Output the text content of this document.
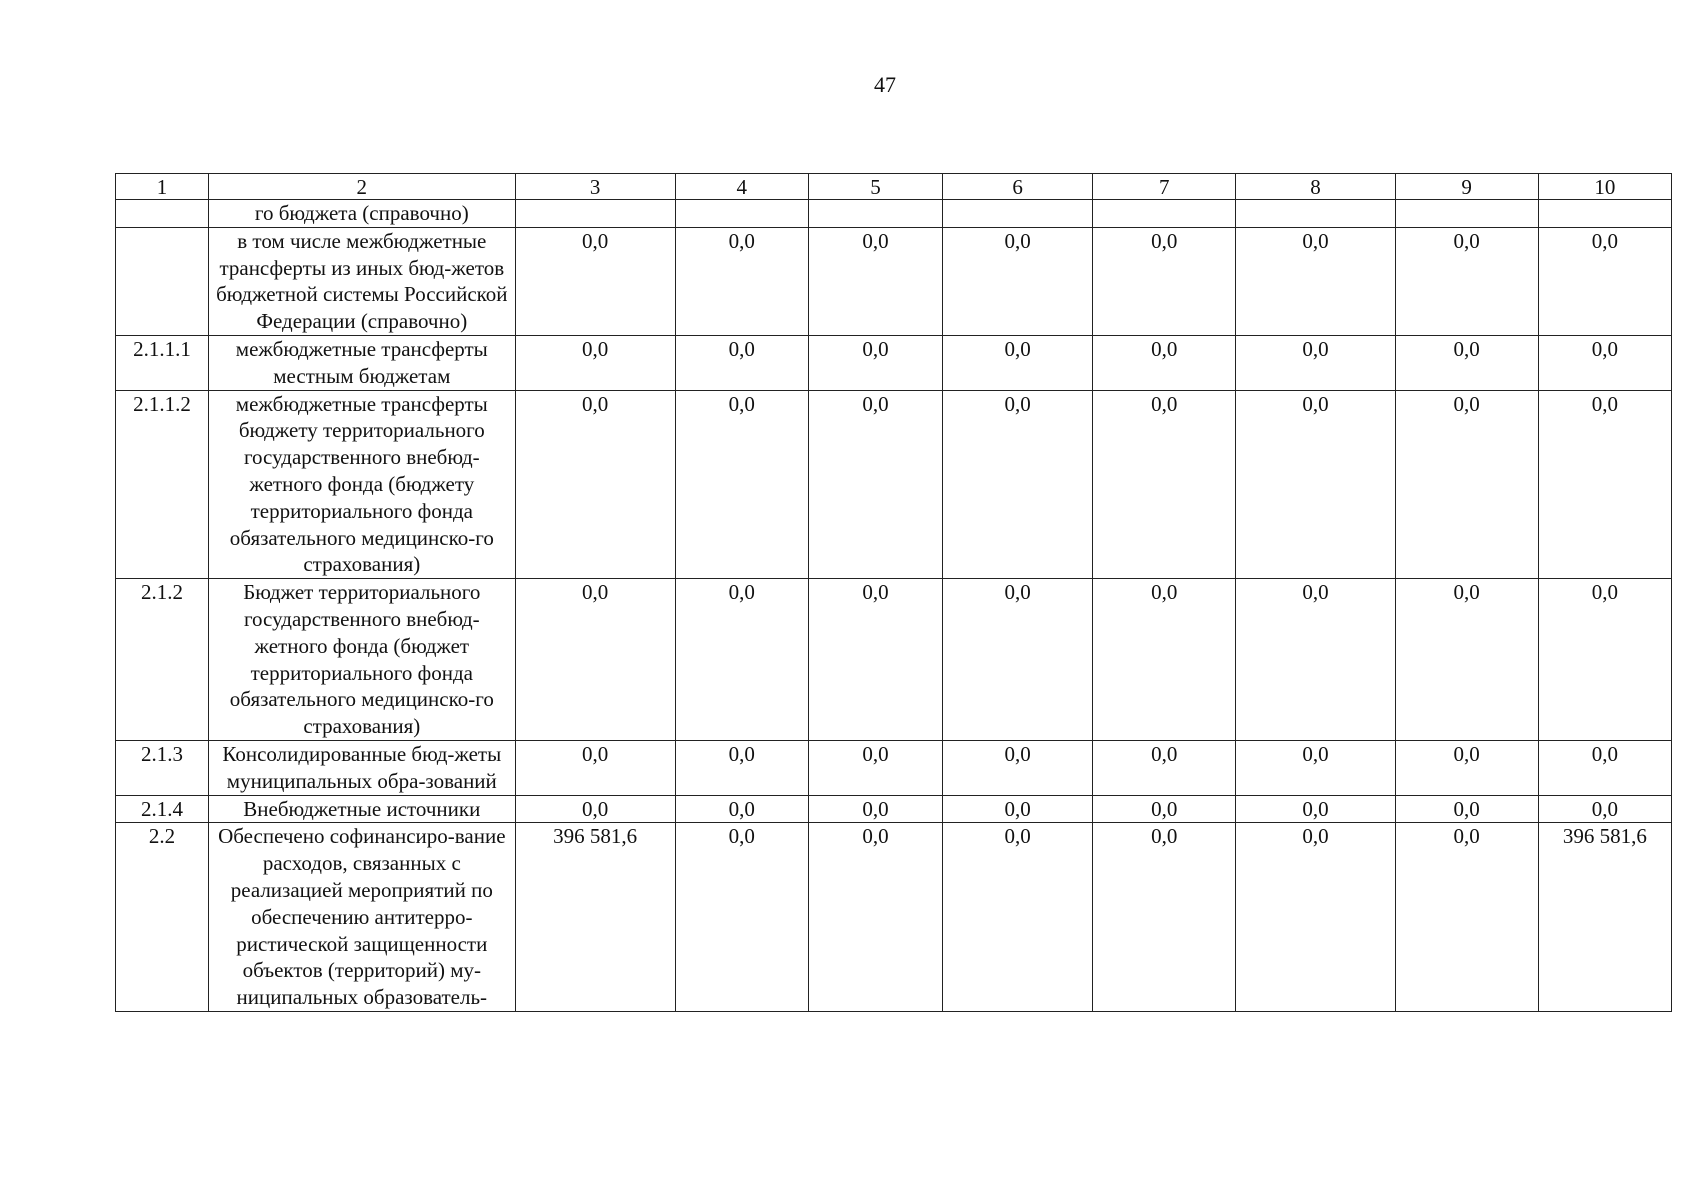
47
1	2	3	4	5	6	7	8	9	10
	го бюджета (справочно)								
	в том числе межбюджетные трансферты из иных бюд-жетов бюджетной системы Российской Федерации (справочно)	0,0	0,0	0,0	0,0	0,0	0,0	0,0	0,0
2.1.1.1	межбюджетные трансферты местным бюджетам	0,0	0,0	0,0	0,0	0,0	0,0	0,0	0,0
2.1.1.2	межбюджетные трансферты бюджету территориального государственного внебюд-жетного фонда (бюджету территориального фонда обязательного медицинско-го страхования)	0,0	0,0	0,0	0,0	0,0	0,0	0,0	0,0
2.1.2	Бюджет территориального государственного внебюд-жетного фонда (бюджет территориального фонда обязательного медицинско-го страхования)	0,0	0,0	0,0	0,0	0,0	0,0	0,0	0,0
2.1.3	Консолидированные бюд-жеты муниципальных обра-зований	0,0	0,0	0,0	0,0	0,0	0,0	0,0	0,0
2.1.4	Внебюджетные источники	0,0	0,0	0,0	0,0	0,0	0,0	0,0	0,0
2.2	Обеспечено софинансиро-вание расходов, связанных с реализацией мероприятий по обеспечению антитерро-ристической защищенности объектов (территорий) му-ниципальных образователь-	396 581,6	0,0	0,0	0,0	0,0	0,0	0,0	396 581,6
